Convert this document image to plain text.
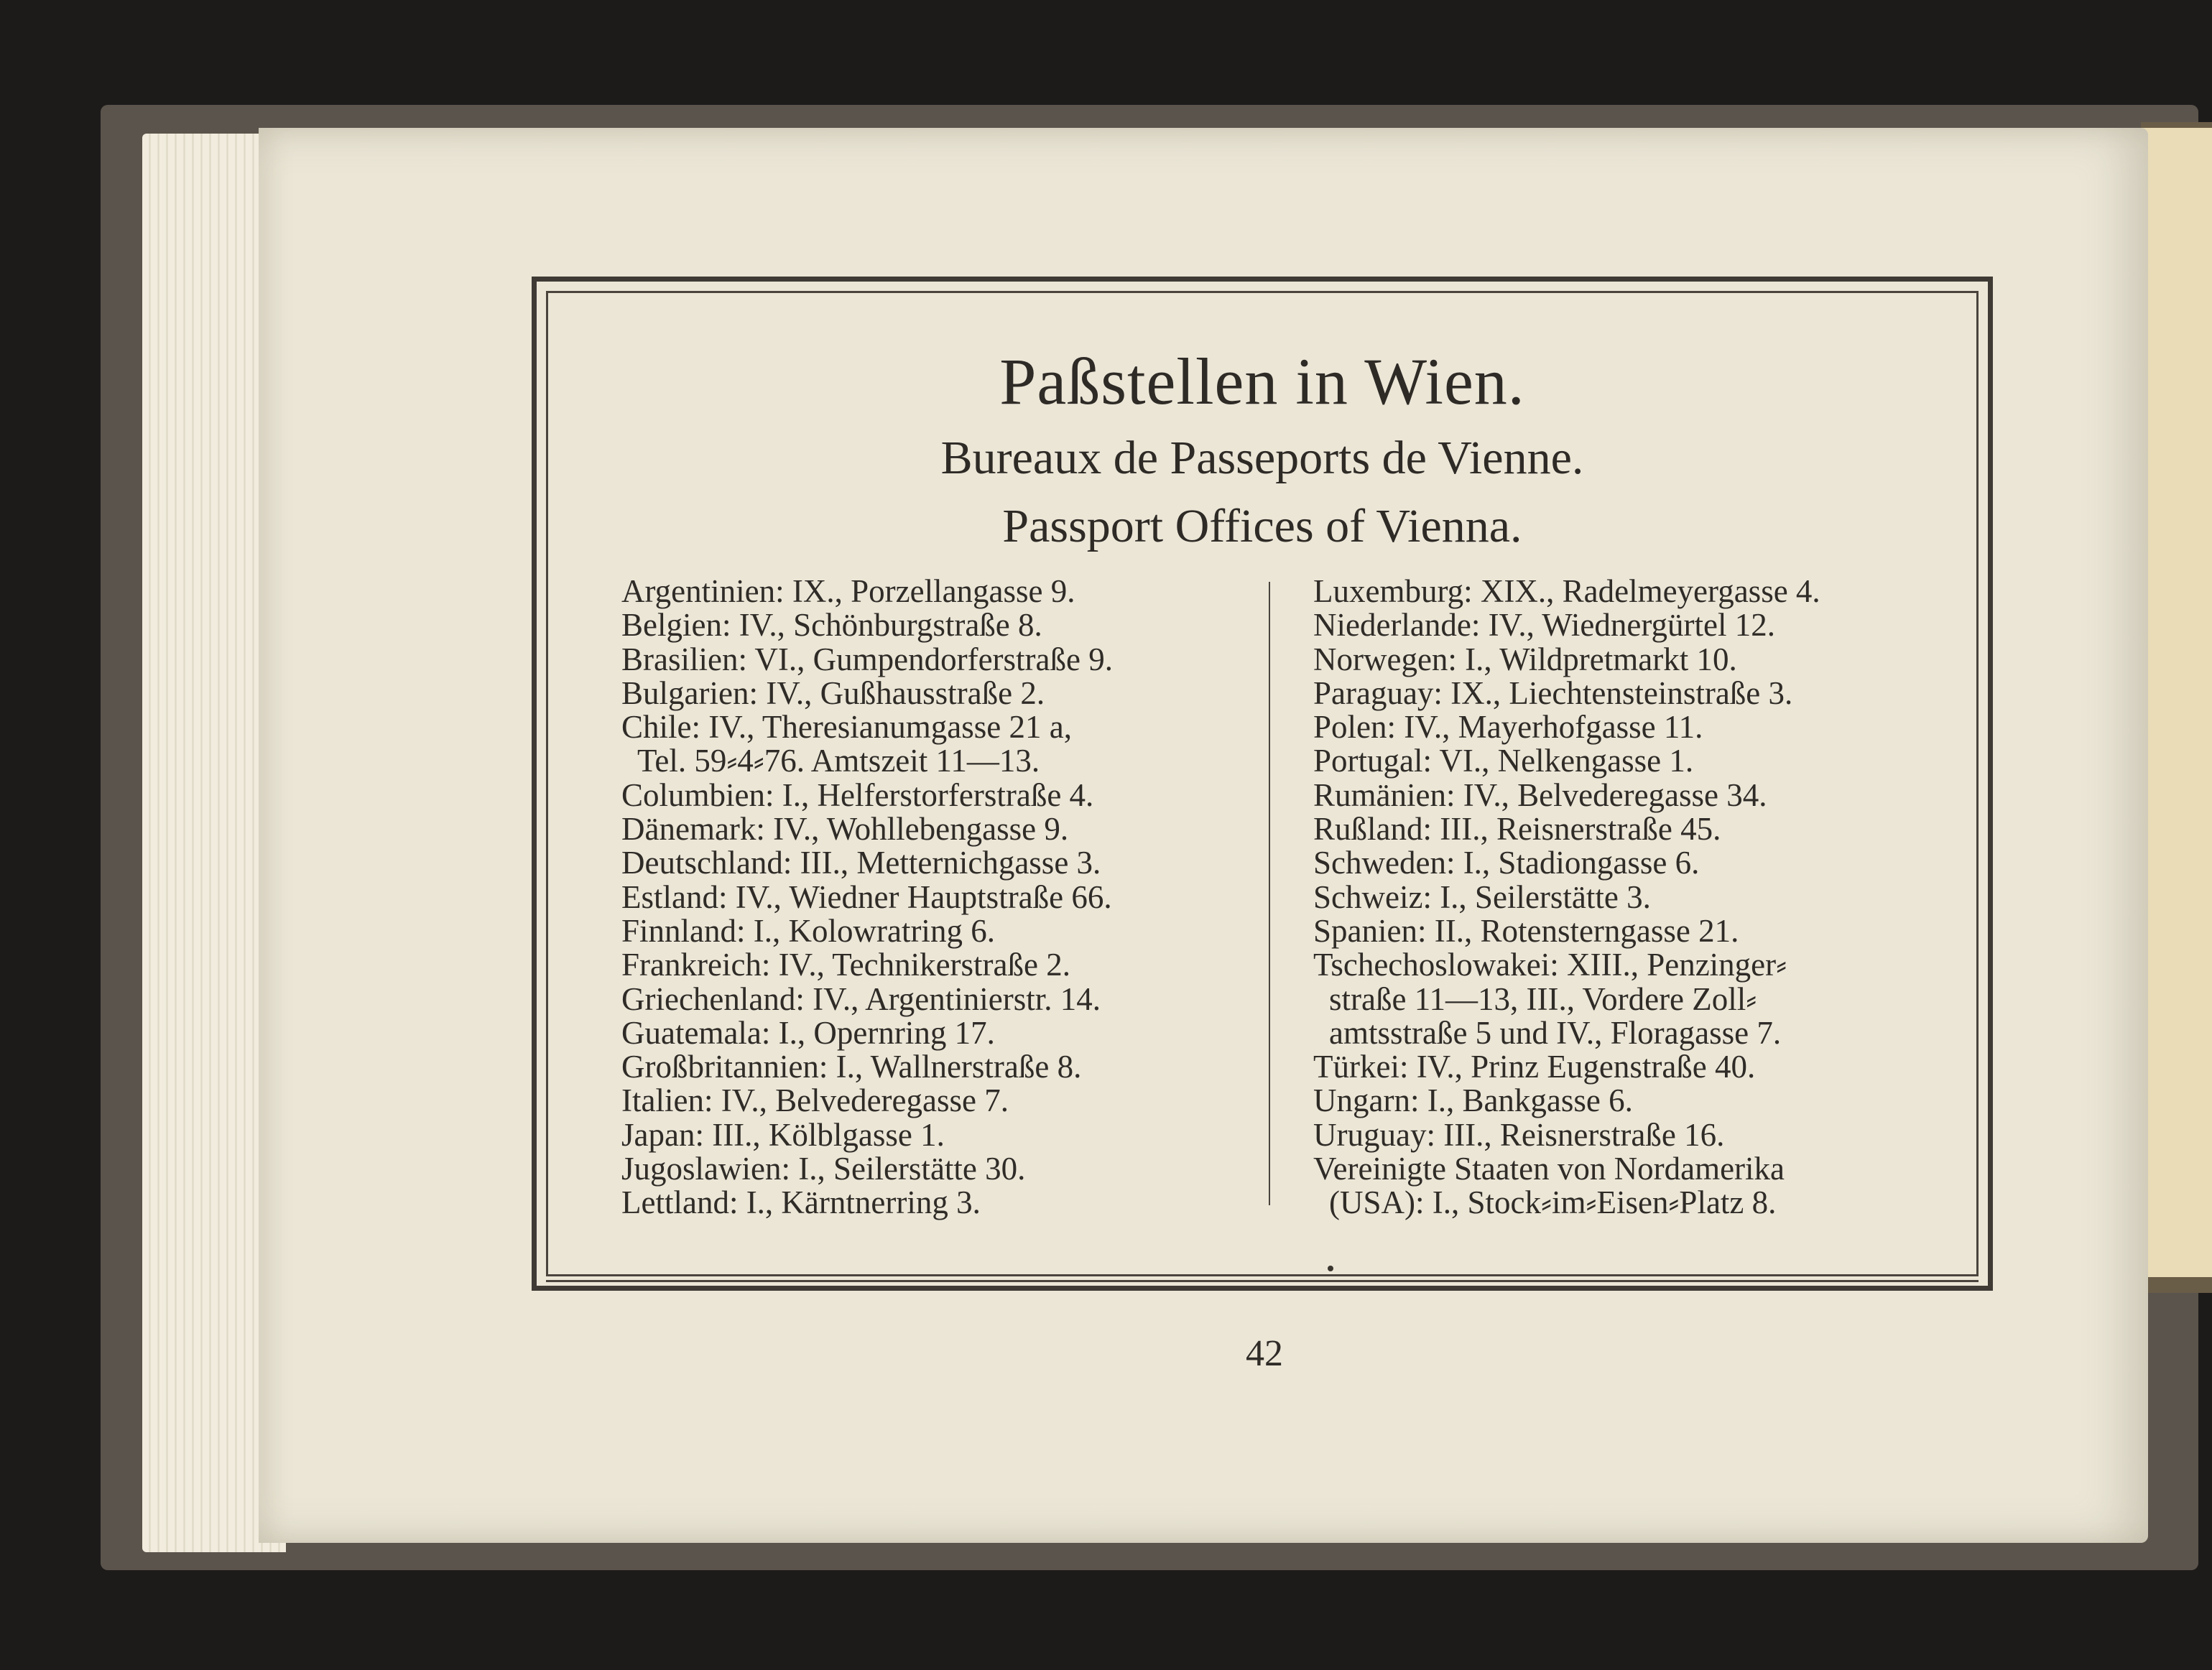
Paßstellen in Wien.
Bureaux de Passeports de Vienne.
Passport Offices of Vienna.
Argentinien: IX., Porzellangasse 9.
Belgien: IV., Schönburgstraße 8.
Brasilien: VI., Gumpendorferstraße 9.
Bulgarien: IV., Gußhausstraße 2.
Chile: IV., Theresianumgasse 21 a,
Tel. 59⸗4⸗76. Amtszeit 11—13.
Columbien: I., Helferstorferstraße 4.
Dänemark: IV., Wohllebengasse 9.
Deutschland: III., Metternichgasse 3.
Estland: IV., Wiedner Hauptstraße 66.
Finnland: I., Kolowratring 6.
Frankreich: IV., Technikerstraße 2.
Griechenland: IV., Argentinierstr. 14.
Guatemala: I., Opernring 17.
Großbritannien: I., Wallnerstraße 8.
Italien: IV., Belvederegasse 7.
Japan: III., Kölblgasse 1.
Jugoslawien: I., Seilerstätte 30.
Lettland: I., Kärntnerring 3.
Luxemburg: XIX., Radelmeyergasse 4.
Niederlande: IV., Wiednergürtel 12.
Norwegen: I., Wildpretmarkt 10.
Paraguay: IX., Liechtensteinstraße 3.
Polen: IV., Mayerhofgasse 11.
Portugal: VI., Nelkengasse 1.
Rumänien: IV., Belvederegasse 34.
Rußland: III., Reisnerstraße 45.
Schweden: I., Stadiongasse 6.
Schweiz: I., Seilerstätte 3.
Spanien: II., Rotensterngasse 21.
Tschechoslowakei: XIII., Penzinger⸗
straße 11—13, III., Vordere Zoll⸗
amtsstraße 5 und IV., Floragasse 7.
Türkei: IV., Prinz Eugenstraße 40.
Ungarn: I., Bankgasse 6.
Uruguay: III., Reisnerstraße 16.
Vereinigte Staaten von Nordamerika
(USA): I., Stock⸗im⸗Eisen⸗Platz 8.
42
